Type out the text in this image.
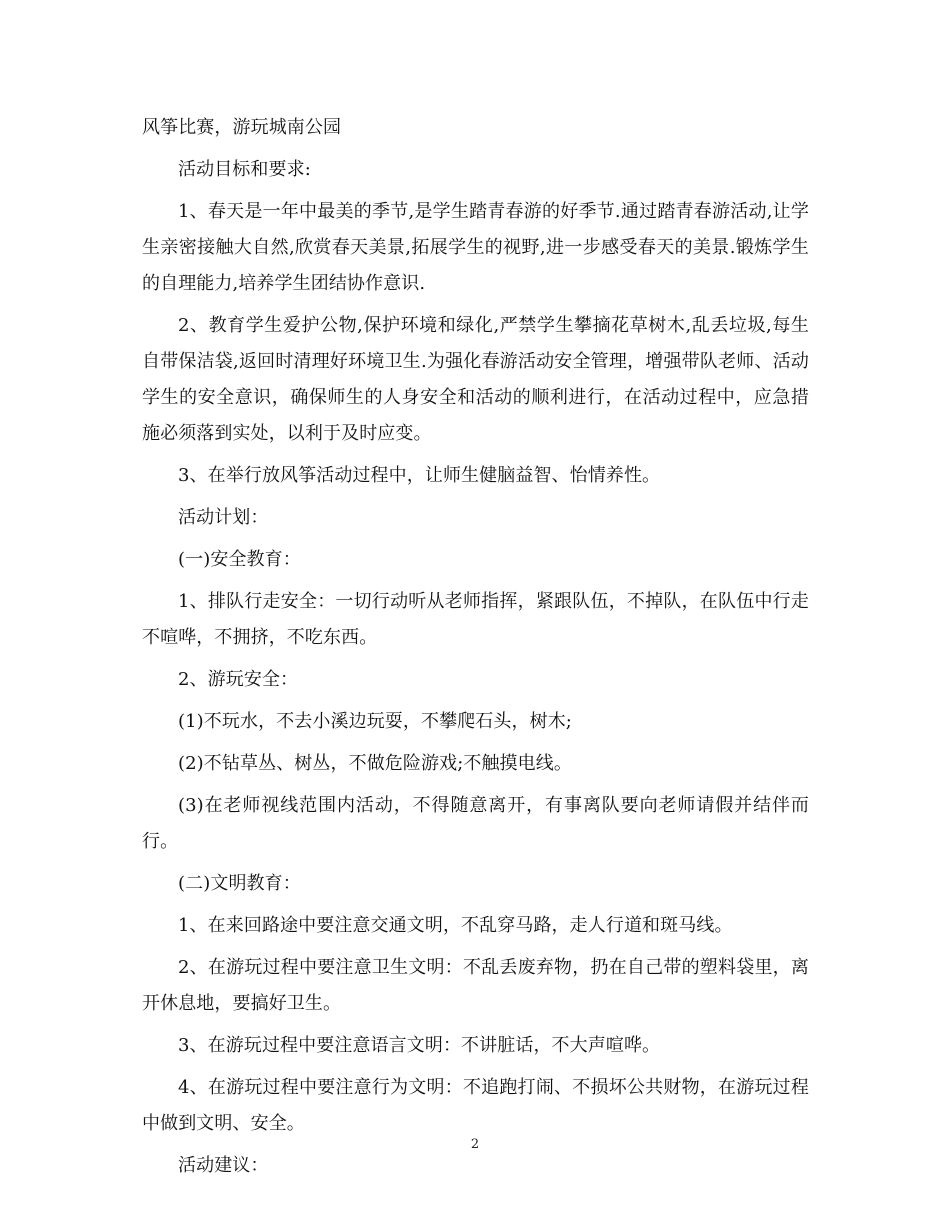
风筝比赛，游玩城南公园

活动目标和要求:

1、春天是一年中最美的季节,是学生踏青春游的好季节.通过踏青春游活动,让学生亲密接触大自然,欣赏春天美景,拓展学生的视野,进一步感受春天的美景.锻炼学生的自理能力,培养学生团结协作意识.

2、教育学生爱护公物,保护环境和绿化,严禁学生攀摘花草树木,乱丢垃圾,每生自带保洁袋,返回时清理好环境卫生.为强化春游活动安全管理，增强带队老师、活动学生的安全意识，确保师生的人身安全和活动的顺利进行，在活动过程中，应急措施必须落到实处，以利于及时应变。

3、在举行放风筝活动过程中，让师生健脑益智、怡情养性。

活动计划：

(一)安全教育：

1、排队行走安全：一切行动听从老师指挥，紧跟队伍，不掉队，在队伍中行走不喧哗，不拥挤，不吃东西。

2、游玩安全：

(1)不玩水，不去小溪边玩耍，不攀爬石头，树木;

(2)不钻草丛、树丛，不做危险游戏;不触摸电线。

(3)在老师视线范围内活动，不得随意离开，有事离队要向老师请假并结伴而行。

(二)文明教育：

1、在来回路途中要注意交通文明，不乱穿马路，走人行道和斑马线。

2、在游玩过程中要注意卫生文明：不乱丢废弃物，扔在自己带的塑料袋里，离开休息地，要搞好卫生。

3、在游玩过程中要注意语言文明：不讲脏话，不大声喧哗。

4、在游玩过程中要注意行为文明：不追跑打闹、不损坏公共财物，在游玩过程中做到文明、安全。

活动建议：

2
